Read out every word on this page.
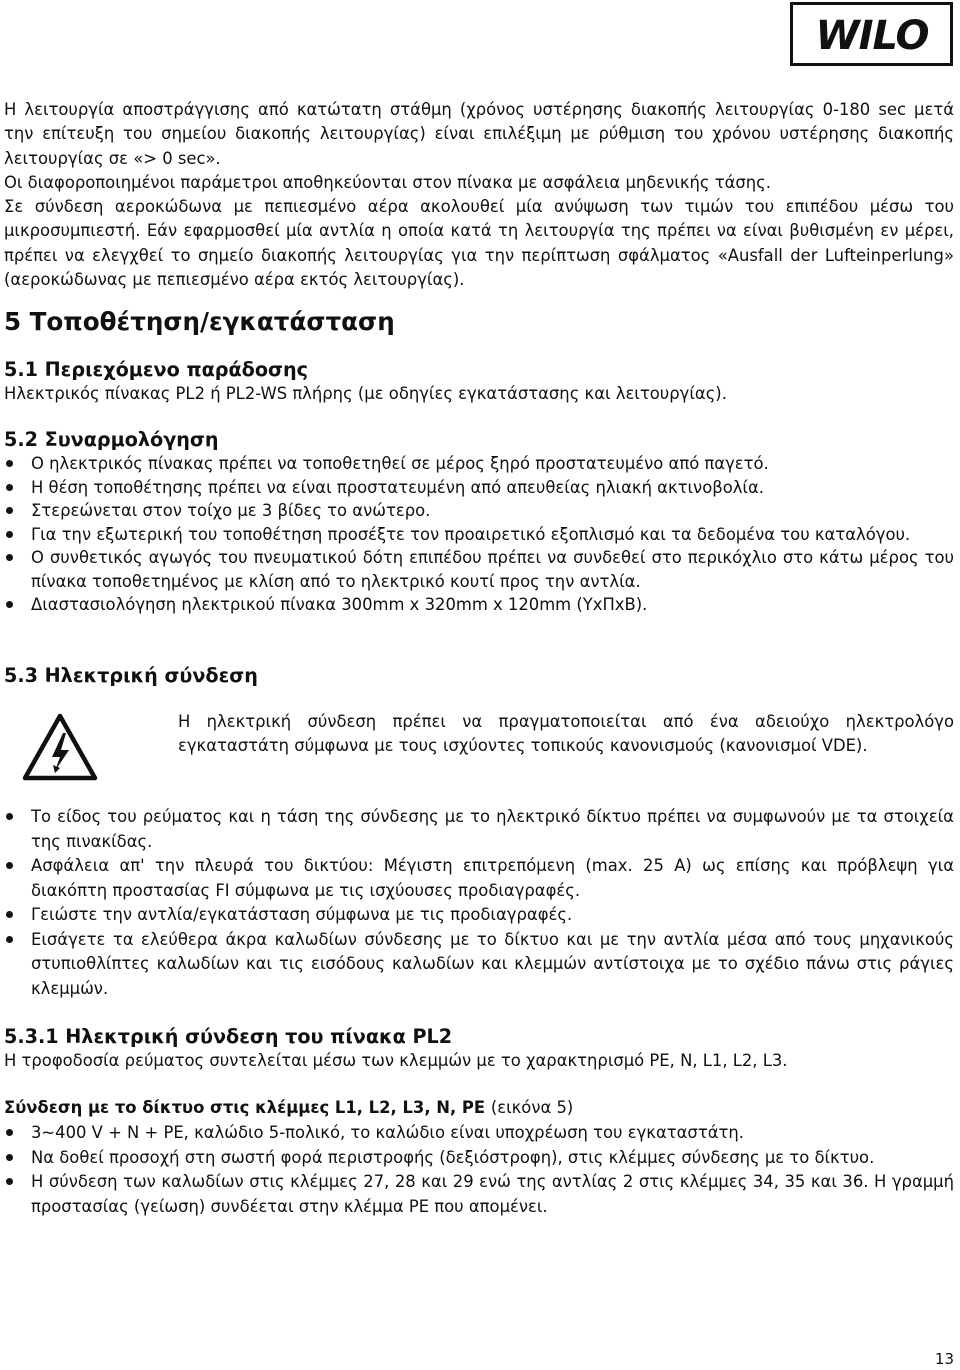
WILO

Η λειτουργία αποστράγγισης από κατώτατη στάθμη (χρόνος υστέρησης διακοπής λειτουργίας 0-180 sec μετά την επίτευξη του σημείου διακοπής λειτουργίας) είναι επιλέξιμη με ρύθμιση του χρόνου υστέρησης διακοπής λειτουργίας σε «> 0 sec».

Οι διαφοροποιημένοι παράμετροι αποθηκεύονται στον πίνακα με ασφάλεια μηδενικής τάσης.

Σε σύνδεση αεροκώδωνα με πεπιεσμένο αέρα ακολουθεί μία ανύψωση των τιμών του επιπέδου μέσω του μικροσυμπιεστή. Εάν εφαρμοσθεί μία αντλία η οποία κατά τη λειτουργία της πρέπει να είναι βυθισμένη εν μέρει, πρέπει να ελεγχθεί το σημείο διακοπής λειτουργίας για την περίπτωση σφάλματος «Ausfall der Lufteinperlung» (αεροκώδωνας με πεπιεσμένο αέρα εκτός λειτουργίας).

5 Τοποθέτηση/εγκατάσταση
5.1 Περιεχόμενο παράδοσης

Ηλεκτρικός πίνακας PL2 ή PL2-WS πλήρης (με οδηγίες εγκατάστασης και λειτουργίας).

5.2 Συναρμολόγηση
Ο ηλεκτρικός πίνακας πρέπει να τοποθετηθεί σε μέρος ξηρό προστατευμένο από παγετό.
Η θέση τοποθέτησης πρέπει να είναι προστατευμένη από απευθείας ηλιακή ακτινοβολία.
Στερεώνεται στον τοίχο με 3 βίδες το ανώτερο.
Για την εξωτερική του τοποθέτηση προσέξτε τον προαιρετικό εξοπλισμό και τα δεδομένα του καταλόγου.
Ο συνθετικός αγωγός του πνευματικού δότη επιπέδου πρέπει να συνδεθεί στο περικόχλιο στο κάτω μέρος του πίνακα τοποθετημένος με κλίση από το ηλεκτρικό κουτί προς την αντλία.
Διαστασιολόγηση ηλεκτρικού πίνακα 300mm x 320mm x 120mm (ΥxΠxΒ).
5.3 Ηλεκτρική σύνδεση

Η ηλεκτρική σύνδεση πρέπει να πραγματοποιείται από ένα αδειούχο ηλεκτρολόγο εγκαταστάτη σύμφωνα με τους ισχύοντες τοπικούς κανονισμούς (κανονισμοί VDE).

Το είδος του ρεύματος και η τάση της σύνδεσης με το ηλεκτρικό δίκτυο πρέπει να συμφωνούν με τα στοιχεία της πινακίδας.
Ασφάλεια απ' την πλευρά του δικτύου: Μέγιστη επιτρεπόμενη (max. 25 A) ως επίσης και πρόβλεψη για διακόπτη προστασίας FI σύμφωνα με τις ισχύουσες προδιαγραφές.
Γειώστε την αντλία/εγκατάσταση σύμφωνα με τις προδιαγραφές.
Εισάγετε τα ελεύθερα άκρα καλωδίων σύνδεσης με το δίκτυο και με την αντλία μέσα από τους μηχανικούς στυπιοθλίπτες καλωδίων και τις εισόδους καλωδίων και κλεμμών αντίστοιχα με το σχέδιο πάνω στις ράγιες κλεμμών.
5.3.1 Ηλεκτρική σύνδεση του πίνακα PL2

Η τροφοδοσία ρεύματος συντελείται μέσω των κλεμμών με το χαρακτηρισμό PE, N, L1, L2, L3.

Σύνδεση με το δίκτυο στις κλέμμες L1, L2, L3, N, PE (εικόνα 5)
3~400 V + N + PE, καλώδιο 5-πολικό, το καλώδιο είναι υποχρέωση του εγκαταστάτη.
Να δοθεί προσοχή στη σωστή φορά περιστροφής (δεξιόστροφη), στις κλέμμες σύνδεσης με το δίκτυο.
Η σύνδεση των καλωδίων στις κλέμμες 27, 28 και 29 ενώ της αντλίας 2 στις κλέμμες 34, 35 και 36. Η γραμμή προστασίας (γείωση) συνδέεται στην κλέμμα PE που απομένει.
13
